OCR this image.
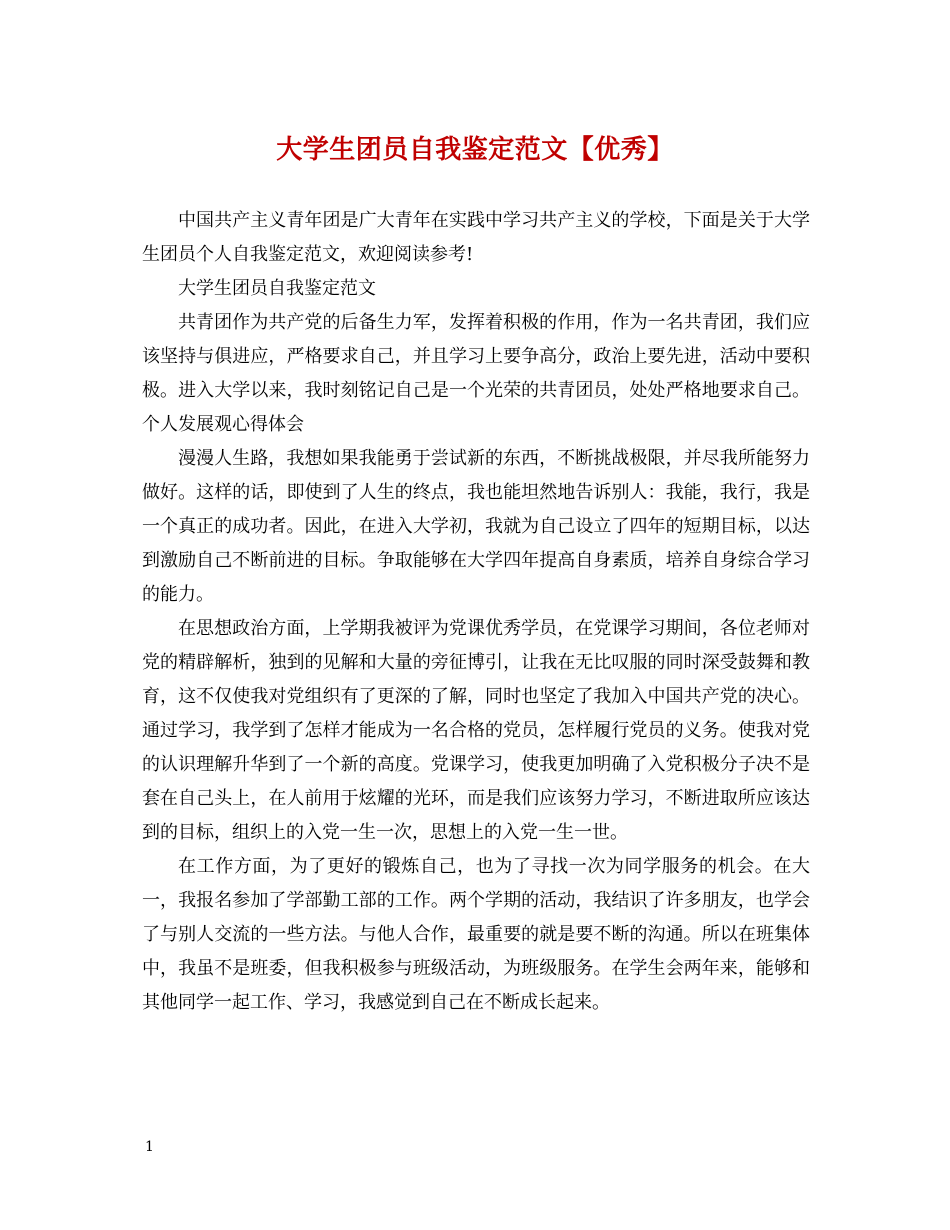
大学生团员自我鉴定范文【优秀】

中国共产主义青年团是广大青年在实践中学习共产主义的学校，下面是关于大学生团员个人自我鉴定范文，欢迎阅读参考!

大学生团员自我鉴定范文

共青团作为共产党的后备生力军，发挥着积极的作用，作为一名共青团，我们应该坚持与俱进应，严格要求自己，并且学习上要争高分，政治上要先进，活动中要积极。进入大学以来，我时刻铭记自己是一个光荣的共青团员，处处严格地要求自己。个人发展观心得体会

漫漫人生路，我想如果我能勇于尝试新的东西，不断挑战极限，并尽我所能努力做好。这样的话，即使到了人生的终点，我也能坦然地告诉别人：我能，我行，我是一个真正的成功者。因此，在进入大学初，我就为自己设立了四年的短期目标，以达到激励自己不断前进的目标。争取能够在大学四年提高自身素质，培养自身综合学习的能力。

在思想政治方面，上学期我被评为党课优秀学员，在党课学习期间，各位老师对党的精辟解析，独到的见解和大量的旁征博引，让我在无比叹服的同时深受鼓舞和教育，这不仅使我对党组织有了更深的了解，同时也坚定了我加入中国共产党的决心。通过学习，我学到了怎样才能成为一名合格的党员，怎样履行党员的义务。使我对党的认识理解升华到了一个新的高度。党课学习，使我更加明确了入党积极分子决不是套在自己头上，在人前用于炫耀的光环，而是我们应该努力学习，不断进取所应该达到的目标，组织上的入党一生一次，思想上的入党一生一世。

在工作方面，为了更好的锻炼自己，也为了寻找一次为同学服务的机会。在大一，我报名参加了学部勤工部的工作。两个学期的活动，我结识了许多朋友，也学会了与别人交流的一些方法。与他人合作，最重要的就是要不断的沟通。所以在班集体中，我虽不是班委，但我积极参与班级活动，为班级服务。在学生会两年来，能够和其他同学一起工作、学习，我感觉到自己在不断成长起来。

1
